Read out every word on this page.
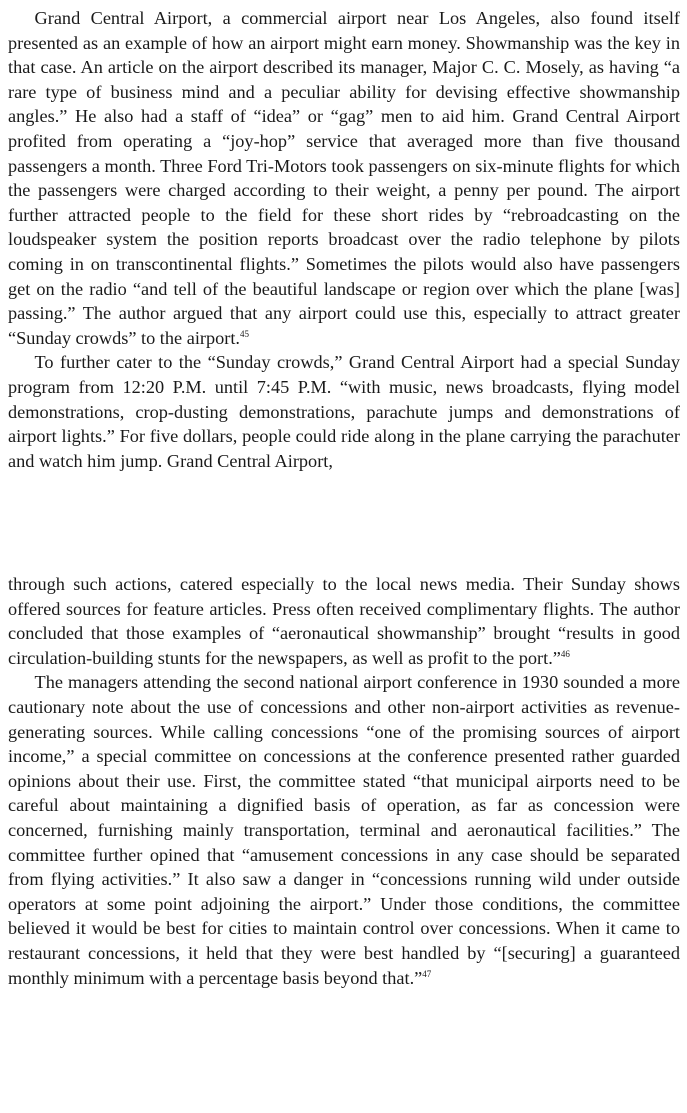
Grand Central Airport, a commercial airport near Los Angeles, also found itself presented as an example of how an airport might earn money. Showmanship was the key in that case. An article on the airport described its manager, Major C. C. Mosely, as having “a rare type of business mind and a peculiar ability for devising effective showmanship angles.” He also had a staff of “idea” or “gag” men to aid him. Grand Central Airport profited from operating a “joy-hop” service that averaged more than five thousand passengers a month. Three Ford Tri-Motors took passengers on six-minute flights for which the passengers were charged according to their weight, a penny per pound. The airport further attracted people to the field for these short rides by “rebroadcasting on the loudspeaker system the position reports broadcast over the radio telephone by pilots coming in on transcontinental flights.” Sometimes the pilots would also have passengers get on the radio “and tell of the beautiful landscape or region over which the plane [was] passing.” The author argued that any airport could use this, especially to attract greater “Sunday crowds” to the airport.$^{45}$

To further cater to the “Sunday crowds,” Grand Central Airport had a special Sunday program from 12:20 P.M. until 7:45 P.M. “with music, news broadcasts, flying model demonstrations, crop-dusting demonstrations, parachute jumps and demonstrations of airport lights.” For five dollars, people could ride along in the plane carrying the parachuter and watch him jump. Grand Central Airport,

through such actions, catered especially to the local news media. Their Sunday shows offered sources for feature articles. Press often received complimentary flights. The author concluded that those examples of “aeronautical showmanship” brought “results in good circulation-building stunts for the newspapers, as well as profit to the port.”$^{46}$

The managers attending the second national airport conference in 1930 sounded a more cautionary note about the use of concessions and other non-airport activities as revenue-generating sources. While calling concessions “one of the promising sources of airport income,” a special committee on concessions at the conference presented rather guarded opinions about their use. First, the committee stated “that municipal airports need to be careful about maintaining a dignified basis of operation, as far as concession were concerned, furnishing mainly transportation, terminal and aeronautical facilities.” The committee further opined that “amusement concessions in any case should be separated from flying activities.” It also saw a danger in “concessions running wild under outside operators at some point adjoining the airport.” Under those conditions, the committee believed it would be best for cities to maintain control over concessions. When it came to restaurant concessions, it held that they were best handled by “[securing] a guaranteed monthly minimum with a percentage basis beyond that.”$^{47}$
